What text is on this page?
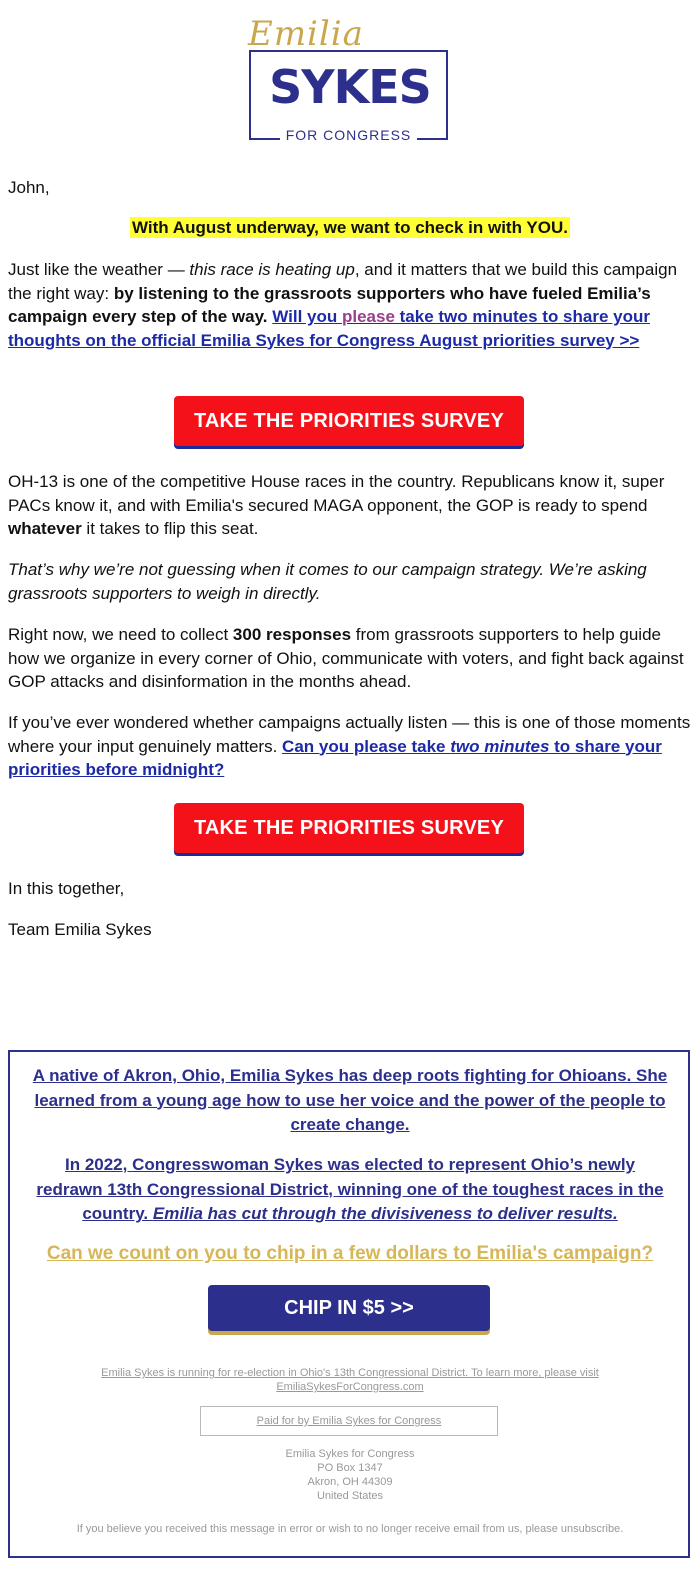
Emilia
SYKES
FOR CONGRESS

John,

With August underway, we want to check in with YOU.

Just like the weather — this race is heating up, and it matters that we build this campaign the right way: by listening to the grassroots supporters who have fueled Emilia’s campaign every step of the way. Will you please take two minutes to share your thoughts on the official Emilia Sykes for Congress August priorities survey >>

TAKE THE PRIORITIES SURVEY

OH-13 is one of the competitive House races in the country. Republicans know it, super PACs know it, and with Emilia's secured MAGA opponent, the GOP is ready to spend whatever it takes to flip this seat.

That’s why we’re not guessing when it comes to our campaign strategy. We’re asking grassroots supporters to weigh in directly.

Right now, we need to collect 300 responses from grassroots supporters to help guide how we organize in every corner of Ohio, communicate with voters, and fight back against GOP attacks and disinformation in the months ahead.

If you’ve ever wondered whether campaigns actually listen — this is one of those moments where your input genuinely matters. Can you please take two minutes to share your priorities before midnight?

TAKE THE PRIORITIES SURVEY

In this together,

Team Emilia Sykes

A native of Akron, Ohio, Emilia Sykes has deep roots fighting for Ohioans. She learned from a young age how to use her voice and the power of the people to create change.

In 2022, Congresswoman Sykes was elected to represent Ohio’s newly redrawn 13th Congressional District, winning one of the toughest races in the country. Emilia has cut through the divisiveness to deliver results.

Can we count on you to chip in a few dollars to Emilia's campaign?

CHIP IN $5 >>

Emilia Sykes is running for re-election in Ohio's 13th Congressional District. To learn more, please visit EmiliaSykesForCongress.com

Paid for by Emilia Sykes for Congress

Emilia Sykes for Congress

PO Box 1347

Akron, OH 44309

United States

If you believe you received this message in error or wish to no longer receive email from us, please unsubscribe.
